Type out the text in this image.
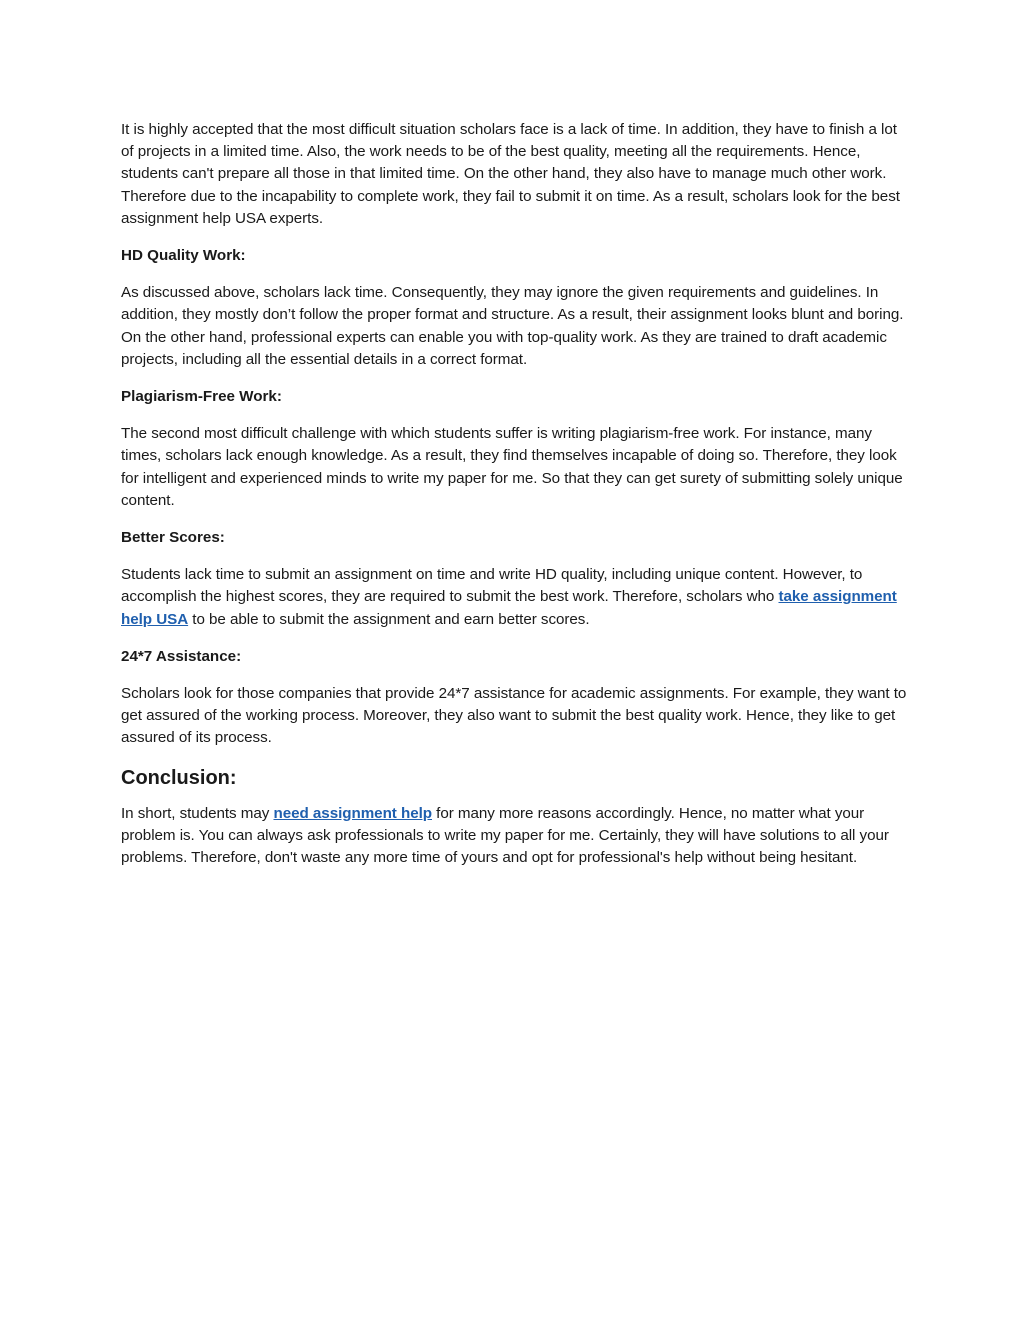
It is highly accepted that the most difficult situation scholars face is a lack of time. In addition, they have to finish a lot of projects in a limited time. Also, the work needs to be of the best quality, meeting all the requirements. Hence, students can't prepare all those in that limited time. On the other hand, they also have to manage much other work. Therefore due to the incapability to complete work, they fail to submit it on time. As a result, scholars look for the best assignment help USA experts.

HD Quality Work:

As discussed above, scholars lack time. Consequently, they may ignore the given requirements and guidelines. In addition, they mostly don’t follow the proper format and structure. As a result, their assignment looks blunt and boring. On the other hand, professional experts can enable you with top-quality work. As they are trained to draft academic projects, including all the essential details in a correct format.

Plagiarism-Free Work:

The second most difficult challenge with which students suffer is writing plagiarism-free work. For instance, many times, scholars lack enough knowledge. As a result, they find themselves incapable of doing so. Therefore, they look for intelligent and experienced minds to write my paper for me. So that they can get surety of submitting solely unique content.

Better Scores:

Students lack time to submit an assignment on time and write HD quality, including unique content. However, to accomplish the highest scores, they are required to submit the best work. Therefore, scholars who take assignment help USA to be able to submit the assignment and earn better scores.

24*7 Assistance:

Scholars look for those companies that provide 24*7 assistance for academic assignments. For example, they want to get assured of the working process. Moreover, they also want to submit the best quality work. Hence, they like to get assured of its process.

Conclusion:

In short, students may need assignment help for many more reasons accordingly. Hence, no matter what your problem is. You can always ask professionals to write my paper for me. Certainly, they will have solutions to all your problems. Therefore, don't waste any more time of yours and opt for professional's help without being hesitant.
